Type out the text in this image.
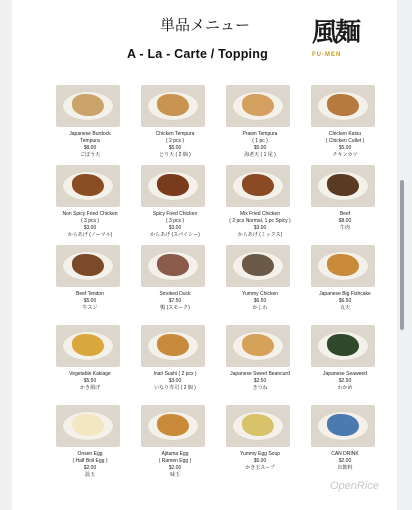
単品メニュー
A - La - Carte / Topping
風麺
FU-MEN
Japanese Burdock
Tempura
$8.00
ごぼう天
Chicken Tempura
( 2 pcs )
$5.00
とり天 ( 2 個 )
Prawn Tempura
( 1 pc )
$5.00
海老天 ( 1 尾 )
Chicken Katsu
( Chicken Cutlet )
$5.00
チキンカツ
Non Spicy Fried Chicken
( 3 pcs )
$3.00
からあげ (ノーマル)
Spicy Fried Chicken
( 3 pcs )
$3.00
からあげ (スパイシー)
Mix Fried Chicken
( 2 pcs Normal, 1 pc Spicy )
$3.00
からあげ (ミックス)
Beef
$8.00
牛肉
Beef Tendon
$5.00
牛スジ
Smoked Duck
$7.50
鴨 (スモーク)
Yummy Chicken
$6.50
かしわ
Japanese Big Fishcake
$6.50
丸天
Vegetable Kakiage
$5.50
かき揚げ
Inari Sushi ( 2 pcs )
$3.00
いなり寿司 ( 2 個 )
Japanese Sweet Beancurd
$2.50
きつね
Japanese Seaweed
$2.50
わかめ
Onsen Egg
( Half Boil Egg )
$2.00
温玉
Ajitama Egg
( Ramen Egg )
$2.00
味玉
Yummy Egg Soup
$5.00
かき玉スープ
CAN DRINK
$2.00
缶飲料
OpenRice
